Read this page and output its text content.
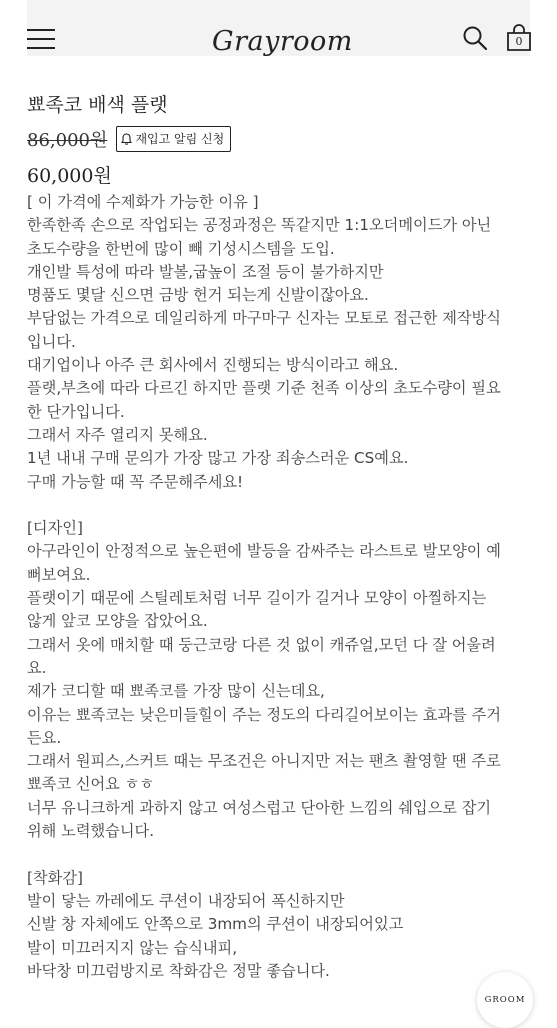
Grayroom	0
뾰족코 배색 플랫
86,000원 재입고 알림 신청
60,000원

[ 이 가격에 수제화가 가능한 이유 ]

한족한족 손으로 작업되는 공정과정은 똑같지만 1:1오더메이드가 아닌

초도수량을 한번에 많이 빼 기성시스템을 도입.

개인발 특성에 따라 발볼,굽높이 조절 등이 불가하지만

명품도 몇달 신으면 금방 헌거 되는게 신발이잖아요.

부담없는 가격으로 데일리하게 마구마구 신자는 모토로 접근한 제작방식

입니다.

대기업이나 아주 큰 회사에서 진행되는 방식이라고 해요.

플랫,부츠에 따라 다르긴 하지만 플랫 기준 천족 이상의 초도수량이 필요

한 단가입니다.

그래서 자주 열리지 못해요.

1년 내내 구매 문의가 가장 많고 가장 죄송스러운 CS예요.

구매 가능할 때 꼭 주문해주세요!

[디자인]

아구라인이 안정적으로 높은편에 발등을 감싸주는 라스트로 발모양이 예

뻐보여요.

플랫이기 때문에 스틸레토처럼 너무 길이가 길거나 모양이 아찔하지는

않게 앞코 모양을 잡았어요.

그래서 옷에 매치할 때 둥근코랑 다른 것 없이 캐쥬얼,모던 다 잘 어울려

요.

제가 코디할 때 뾰족코를 가장 많이 신는데요,

이유는 뾰족코는 낮은미들힐이 주는 정도의 다리길어보이는 효과를 주거

든요.

그래서 원피스,스커트 때는 무조건은 아니지만 저는 팬츠 촬영할 땐 주로

뾰족코 신어요 ㅎㅎ

너무 유니크하게 과하지 않고 여성스럽고 단아한 느낌의 쉐입으로 잡기

위해 노력했습니다.

[착화감]

발이 닿는 까레에도 쿠션이 내장되어 폭신하지만

신발 창 자체에도 안쪽으로 3mm의 쿠션이 내장되어있고

발이 미끄러지지 않는 습식내피,

바닥창 미끄럼방지로 착화감은 정말 좋습니다.

GROOM
